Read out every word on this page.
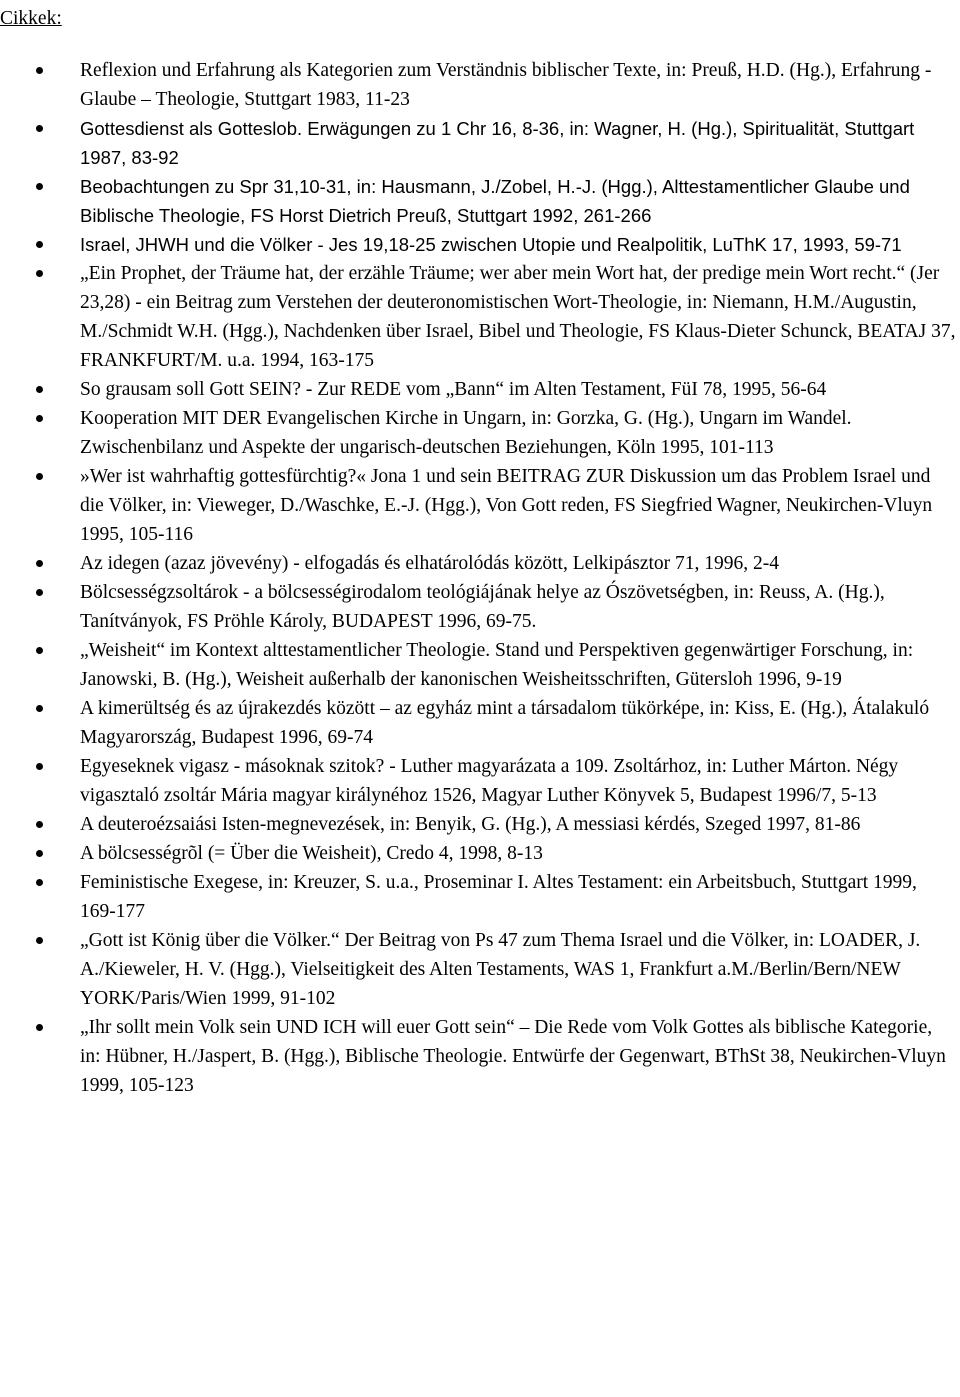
Cikkek:
Reflexion und Erfahrung als Kategorien zum Verständnis biblischer Texte, in: Preuß, H.D. (Hg.), Erfahrung - Glaube – Theologie, Stuttgart 1983, 11-23
Gottesdienst als Gotteslob. Erwägungen zu 1 Chr 16, 8-36, in: Wagner, H. (Hg.), Spiritualität, Stuttgart 1987, 83-92
Beobachtungen zu Spr 31,10-31, in: Hausmann, J./Zobel, H.-J. (Hgg.), Alttestamentlicher Glaube und Biblische Theologie, FS Horst Dietrich Preuß, Stuttgart 1992, 261-266
Israel, JHWH und die Völker - Jes 19,18-25 zwischen Utopie und Realpolitik, LuThK 17, 1993, 59-71
„Ein Prophet, der Träume hat, der erzähle Träume; wer aber mein Wort hat, der predige mein Wort recht.“ (Jer 23,28) - ein Beitrag zum Verstehen der deuteronomistischen Wort-Theologie, in: Niemann, H.M./Augustin, M./Schmidt W.H. (Hgg.), Nachdenken über Israel, Bibel und Theologie, FS Klaus-Dieter Schunck, BEATAJ 37, FRANKFURT/M. u.a. 1994, 163-175
So grausam soll Gott SEIN? - Zur REDE vom „Bann“ im Alten Testament, FüI 78, 1995, 56-64
Kooperation MIT DER Evangelischen Kirche in Ungarn, in: Gorzka, G. (Hg.), Ungarn im Wandel. Zwischenbilanz und Aspekte der ungarisch-deutschen Beziehungen, Köln 1995, 101-113
»Wer ist wahrhaftig gottesfürchtig?« Jona 1 und sein BEITRAG ZUR Diskussion um das Problem Israel und die Völker, in: Vieweger, D./Waschke, E.-J. (Hgg.), Von Gott reden, FS Siegfried Wagner, Neukirchen-Vluyn 1995, 105-116
Az idegen (azaz jövevény) - elfogadás és elhatárolódás között, Lelkipásztor 71, 1996, 2-4
Bölcsességzsoltárok - a bölcsességirodalom teológiájának helye az Ószövetségben, in: Reuss, A. (Hg.), Tanítványok, FS Pröhle Károly, BUDAPEST 1996, 69-75.
„Weisheit“ im Kontext alttestamentlicher Theologie. Stand und Perspektiven gegenwärtiger Forschung, in: Janowski, B. (Hg.), Weisheit außerhalb der kanonischen Weisheitsschriften, Gütersloh 1996, 9-19
A kimerültség és az újrakezdés között – az egyház mint a társadalom tükörképe, in: Kiss, E. (Hg.), Átalakuló Magyarország, Budapest 1996, 69-74
Egyeseknek vigasz - másoknak szitok? - Luther magyarázata a 109. Zsoltárhoz, in: Luther Márton. Négy vigasztaló zsoltár Mária magyar királynéhoz 1526, Magyar Luther Könyvek 5, Budapest 1996/7, 5-13
A deuteroézsaiási Isten-megnevezések, in: Benyik, G. (Hg.), A messiasi kérdés, Szeged 1997, 81-86
A bölcsességrõl (= Über die Weisheit), Credo 4, 1998, 8-13
Feministische Exegese, in: Kreuzer, S. u.a., Proseminar I. Altes Testament: ein Arbeitsbuch, Stuttgart 1999, 169-177
„Gott ist König über die Völker.“ Der Beitrag von Ps 47 zum Thema Israel und die Völker, in: LOADER, J. A./Kieweler, H. V. (Hgg.), Vielseitigkeit des Alten Testaments, WAS 1, Frankfurt a.M./Berlin/Bern/NEW YORK/Paris/Wien 1999, 91-102
„Ihr sollt mein Volk sein UND ICH will euer Gott sein“ – Die Rede vom Volk Gottes als biblische Kategorie, in: Hübner, H./Jaspert, B. (Hgg.), Biblische Theologie. Entwürfe der Gegenwart, BThSt 38, Neukirchen-Vluyn 1999, 105-123
